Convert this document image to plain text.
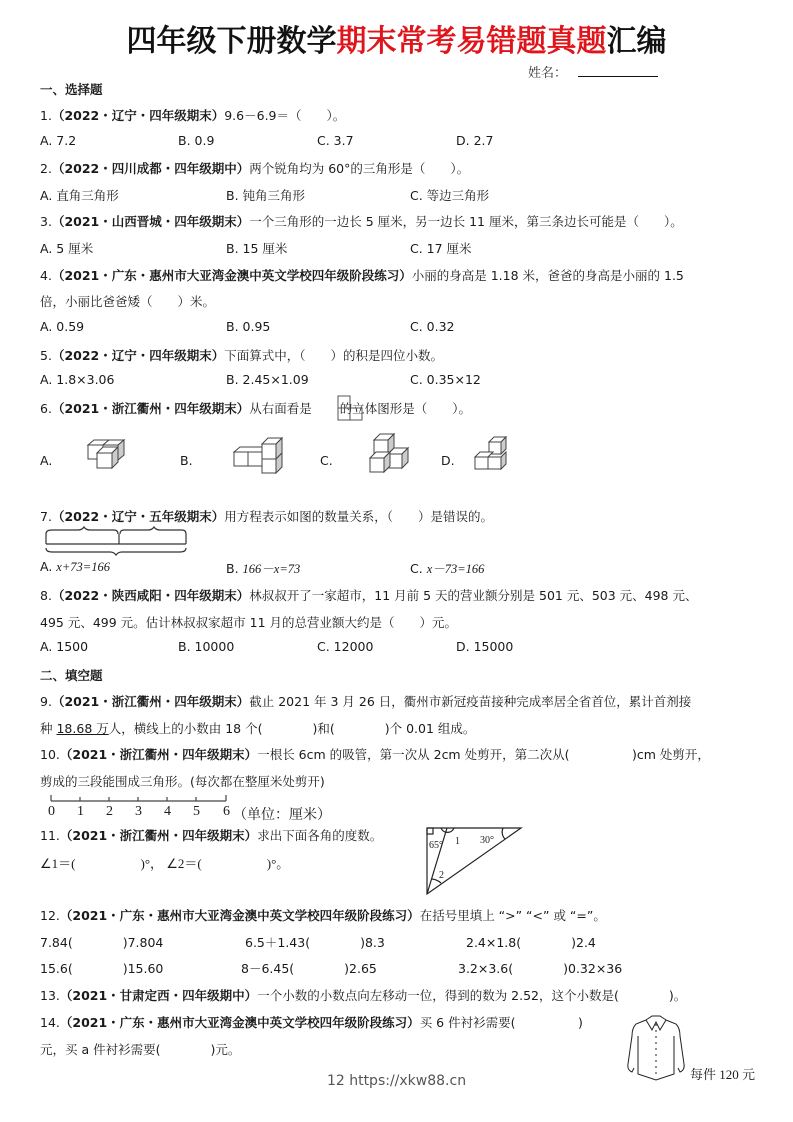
四年级下册数学期末常考易错题真题汇编
姓名：
一、选择题
1.（2022・辽宁・四年级期末）9.6－6.9＝（　　）。
A. 7.2	B. 0.9	C. 3.7	D. 2.7
2.（2022・四川成都・四年级期中）两个锐角均为 60°的三角形是（　　）。
A. 直角三角形	B. 钝角三角形	C. 等边三角形
3.（2021・山西晋城・四年级期末）一个三角形的一边长 5 厘米，另一边长 11 厘米，第三条边长可能是（　　）。
A. 5 厘米	B. 15 厘米	C. 17 厘米
4.（2021・广东・惠州市大亚湾金澳中英文学校四年级阶段练习）小丽的身高是 1.18 米，爸爸的身高是小丽的 1.5
倍，小丽比爸爸矮（　　）米。
A. 0.59	B. 0.95	C. 0.32
5.（2022・辽宁・四年级期末）下面算式中，（　　）的积是四位小数。
A. 1.8×3.06	B. 2.45×1.09	C. 0.35×12
6.（2021・浙江衢州・四年级期末）从右面看是 的立体图形是（　　）。
A.	B.	C.	D.
7.（2022・辽宁・五年级期末）用方程表示如图的数量关系，（　　）是错误的。
A. x+73=166	B. 166－x=73	C. x－73=166
8.（2022・陕西咸阳・四年级期末）林叔叔开了一家超市，11 月前 5 天的营业额分别是 501 元、503 元、498 元、
495 元、499 元。估计林叔叔家超市 11 月的总营业额大约是（　　）元。
A. 1500	B. 10000	C. 12000	D. 15000
二、填空题
9.（2021・浙江衢州・四年级期末）截止 2021 年 3 月 26 日，衢州市新冠疫苗接种完成率居全省首位，累计首剂接
种 18.68 万人，横线上的小数由 18 个(　　　　)和(　　　　)个 0.01 组成。
10.（2021・浙江衢州・四年级期末）一根长 6cm 的吸管，第一次从 2cm 处剪开，第二次从(　　　　　)cm 处剪开，
剪成的三段能围成三角形。(每次都在整厘米处剪开)
0 1 2 3 4 5 6 （单位：厘米）
11.（2021・浙江衢州・四年级期末）求出下面各角的度数。
∠1＝(　　　　　)°， ∠2＝(　　　　　)°。
65° 1 30°
2
12.（2021・广东・惠州市大亚湾金澳中英文学校四年级阶段练习）在括号里填上 “>” “<” 或 “=”。
7.84(　　　　)7.804	6.5＋1.43(　　　　)8.3	2.4×1.8(　　　　)2.4
15.6(　　　　)15.60	8－6.45(　　　　)2.65	3.2×3.6(　　　　)0.32×36
13.（2021・甘肃定西・四年级期中）一个小数的小数点向左移动一位，得到的数为 2.52，这个小数是(　　　　)。
14.（2021・广东・惠州市大亚湾金澳中英文学校四年级阶段练习）买 6 件衬衫需要(　　　　　)
元，买 a 件衬衫需要(　　　　)元。
每件 120 元
12 https://xkw88.cn
